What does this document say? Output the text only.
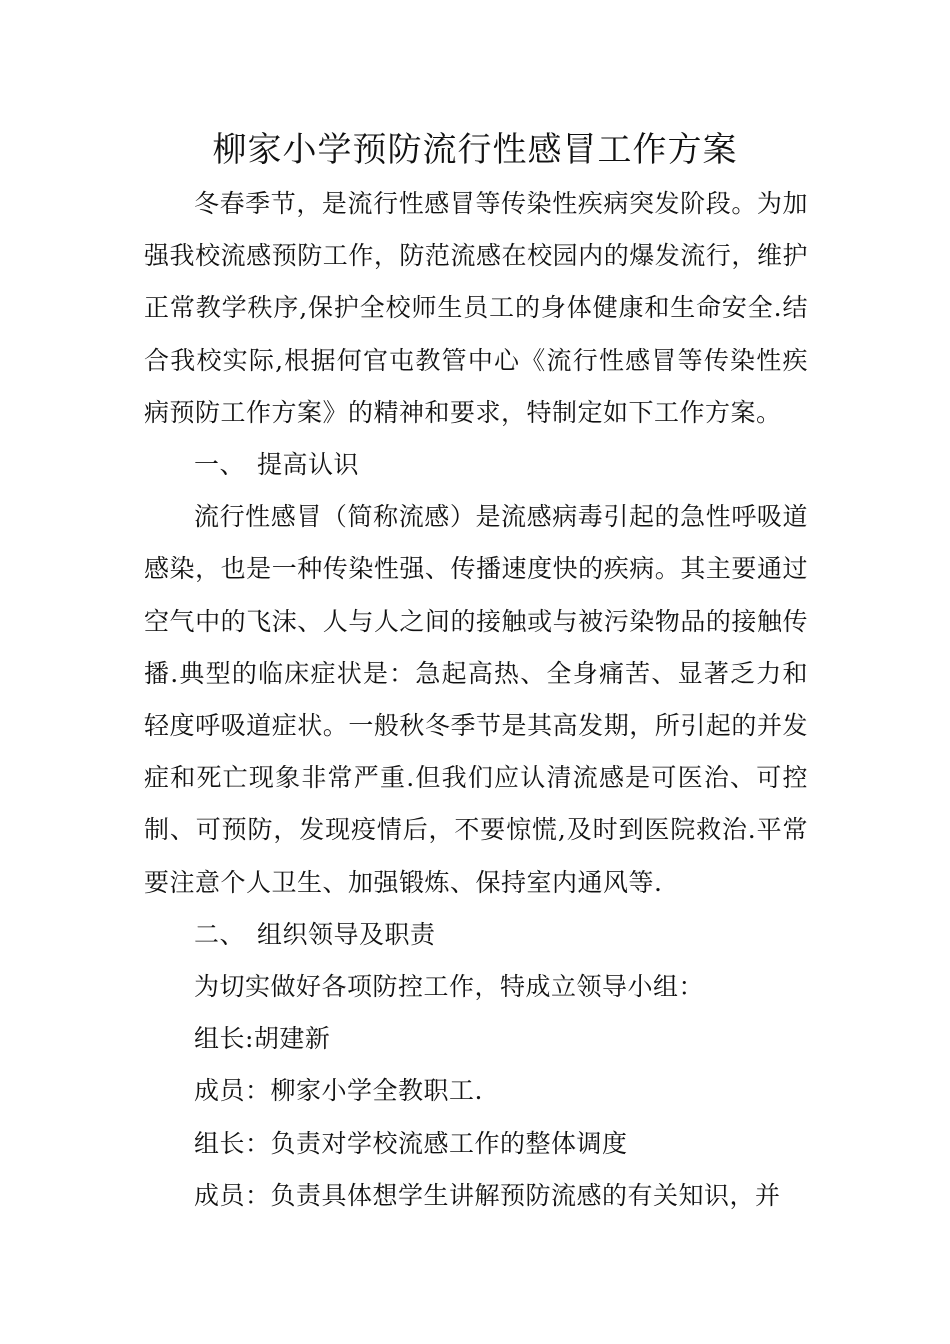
柳家小学预防流行性感冒工作方案

冬春季节，是流行性感冒等传染性疾病突发阶段。为加强我校流感预防工作，防范流感在校园内的爆发流行，维护正常教学秩序,保护全校师生员工的身体健康和生命安全.结合我校实际,根据何官屯教管中心《流行性感冒等传染性疾病预防工作方案》的精神和要求，特制定如下工作方案。

一、 提高认识

流行性感冒（简称流感）是流感病毒引起的急性呼吸道感染，也是一种传染性强、传播速度快的疾病。其主要通过空气中的飞沫、人与人之间的接触或与被污染物品的接触传播.典型的临床症状是：急起高热、全身痛苦、显著乏力和轻度呼吸道症状。一般秋冬季节是其高发期，所引起的并发症和死亡现象非常严重.但我们应认清流感是可医治、可控制、可预防，发现疫情后，不要惊慌,及时到医院救治.平常要注意个人卫生、加强锻炼、保持室内通风等.

二、 组织领导及职责

为切实做好各项防控工作，特成立领导小组：

组长:胡建新

成员：柳家小学全教职工.

组长：负责对学校流感工作的整体调度

成员：负责具体想学生讲解预防流感的有关知识，并
